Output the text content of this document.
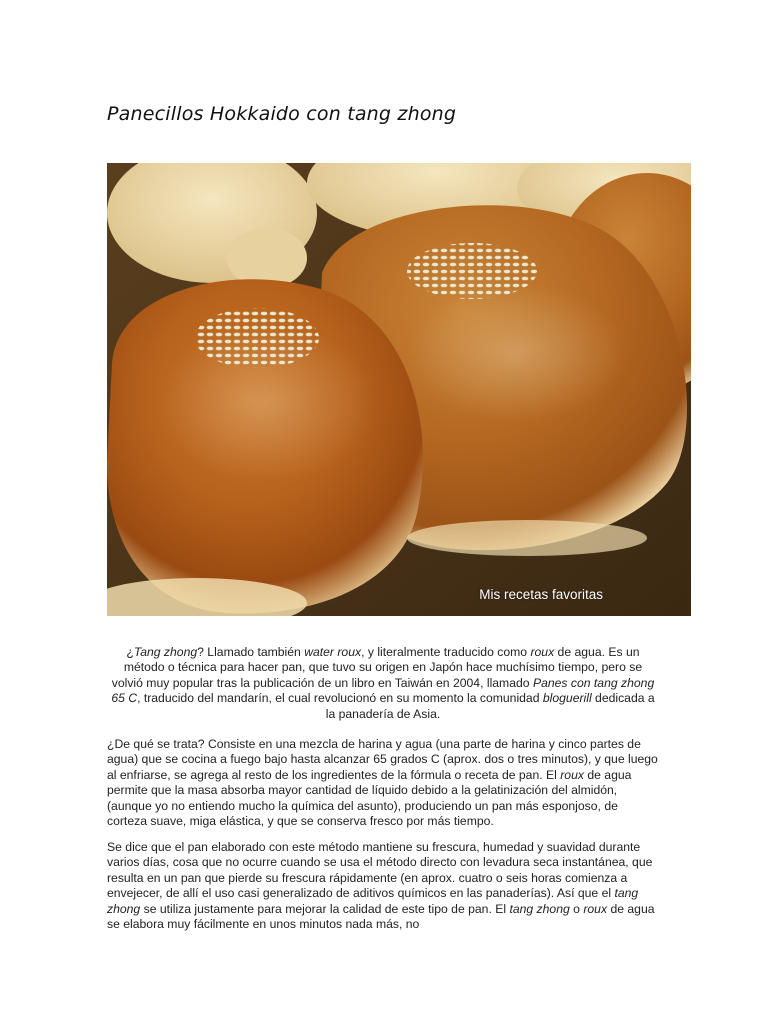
Panecillos Hokkaido con tang zhong
Mis recetas favoritas
¿Tang zhong? Llamado también water roux, y literalmente traducido como roux de agua. Es un método o técnica para hacer pan, que tuvo su origen en Japón hace muchísimo tiempo, pero se volvió muy popular tras la publicación de un libro en Taiwán en 2004, llamado Panes con tang zhong 65 C, traducido del mandarín, el cual revolucionó en su momento la comunidad bloguerill dedicada a la panadería de Asia.
¿De qué se trata? Consiste en una mezcla de harina y agua (una parte de harina y cinco partes de agua) que se cocina a fuego bajo hasta alcanzar 65 grados C (aprox. dos o tres minutos), y que luego al enfriarse, se agrega al resto de los ingredientes de la fórmula o receta de pan. El roux de agua permite que la masa absorba mayor cantidad de líquido debido a la gelatinización del almidón, (aunque yo no entiendo mucho la química del asunto), produciendo un pan más esponjoso, de corteza suave, miga elástica, y que se conserva fresco por más tiempo.
Se dice que el pan elaborado con este método mantiene su frescura, humedad y suavidad durante varios días, cosa que no ocurre cuando se usa el método directo con levadura seca instantánea, que resulta en un pan que pierde su frescura rápidamente (en aprox. cuatro o seis horas comienza a envejecer, de allí el uso casi generalizado de aditivos químicos en las panaderías). Así que el tang zhong se utiliza justamente para mejorar la calidad de este tipo de pan. El tang zhong o roux de agua se elabora muy fácilmente en unos minutos nada más, no
